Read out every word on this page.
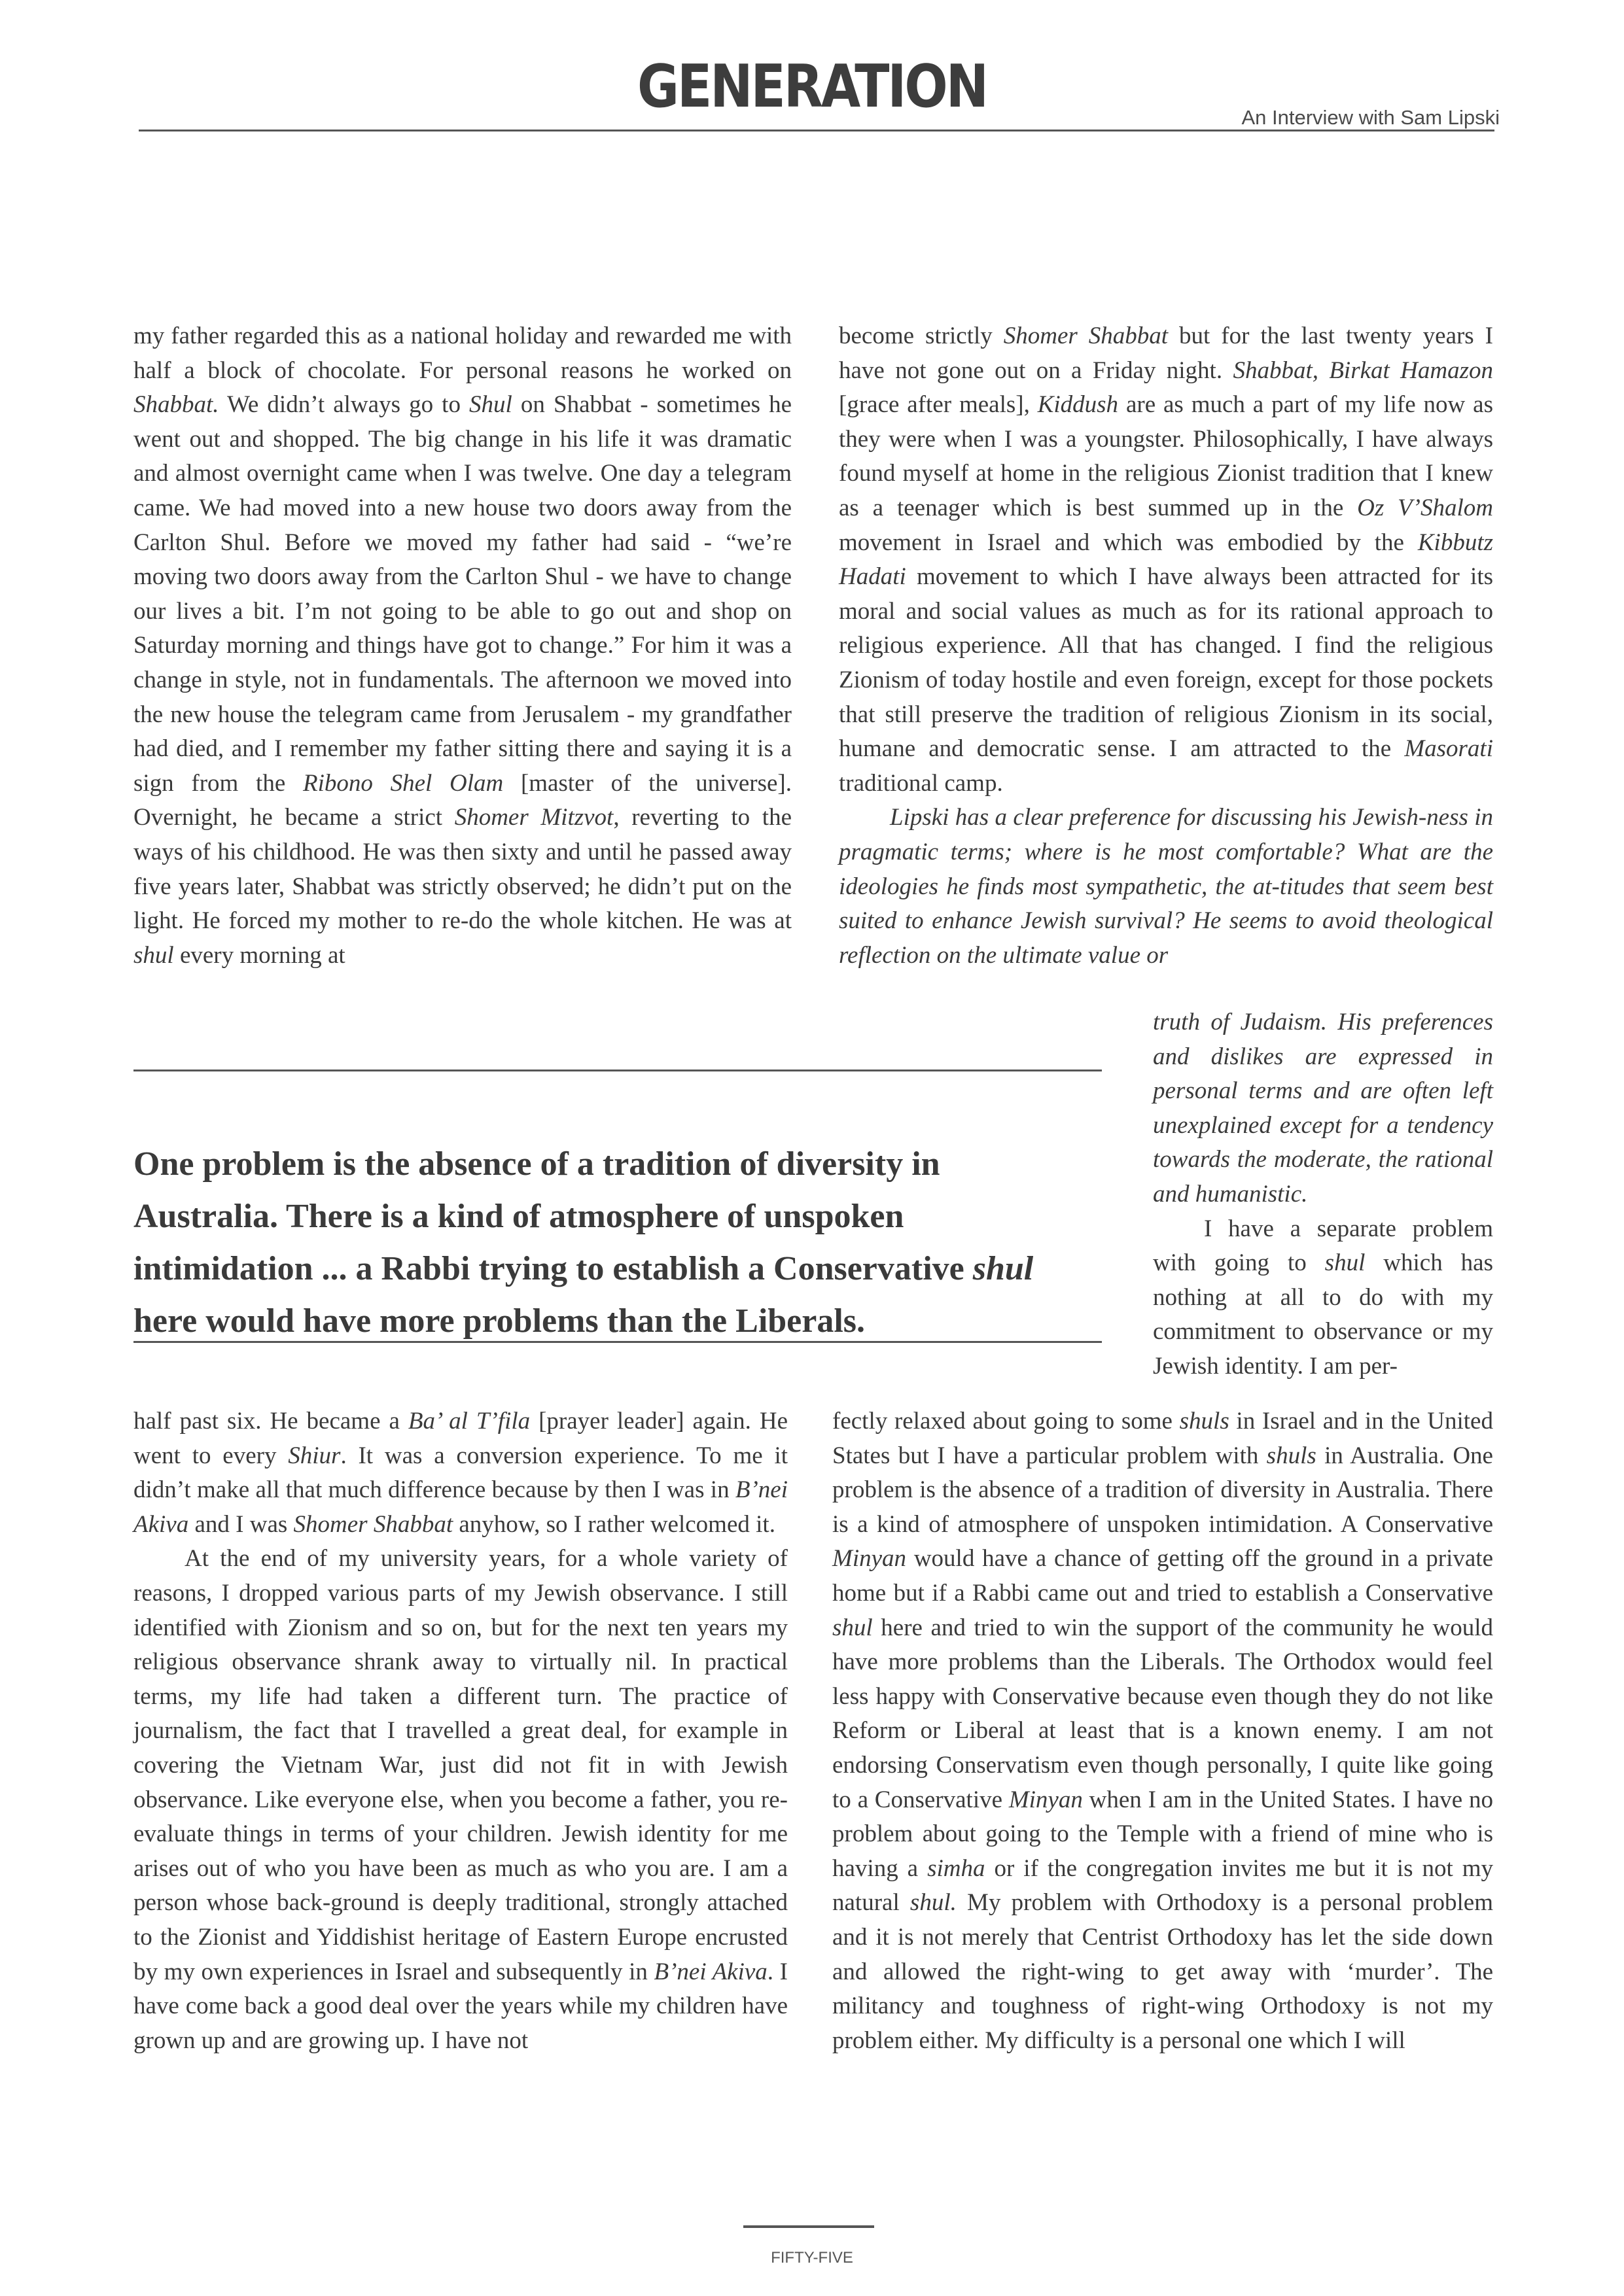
GENERATION	An Interview with Sam Lipski

my father regarded this as a national holiday and rewarded me with half a block of chocolate. For personal reasons he worked on Shabbat. We didn’t always go to Shul on Shabbat - sometimes he went out and shopped. The big change in his life it was dramatic and almost overnight came when I was twelve. One day a telegram came. We had moved into a new house two doors away from the Carlton Shul. Before we moved my father had said - “we’re moving two doors away from the Carlton Shul - we have to change our lives a bit. I’m not going to be able to go out and shop on Saturday morning and things have got to change.” For him it was a change in style, not in fundamentals. The afternoon we moved into the new house the telegram came from Jerusalem - my grandfather had died, and I remember my father sitting there and saying it is a sign from the Ribono Shel Olam [master of the universe]. Overnight, he became a strict Shomer Mitzvot, reverting to the ways of his childhood. He was then sixty and until he passed away five years later, Shabbat was strictly observed; he didn’t put on the light. He forced my mother to re-do the whole kitchen. He was at shul every morning at

become strictly Shomer Shabbat but for the last twenty years I have not gone out on a Friday night. Shabbat, Birkat Hamazon [grace after meals], Kiddush are as much a part of my life now as they were when I was a youngster. Philosophically, I have always found myself at home in the religious Zionist tradition that I knew as a teenager which is best summed up in the Oz V’Shalom movement in Israel and which was embodied by the Kibbutz Hadati movement to which I have always been attracted for its moral and social values as much as for its rational approach to religious experience. All that has changed. I find the religious Zionism of today hostile and even foreign, except for those pockets that still preserve the tradition of religious Zionism in its social, humane and democratic sense. I am attracted to the Masorati traditional camp.

Lipski has a clear preference for discussing his Jewish-ness in pragmatic terms; where is he most comfortable? What are the ideologies he finds most sympathetic, the at-titudes that seem best suited to enhance Jewish survival? He seems to avoid theological reflection on the ultimate value or

truth of Judaism. His preferences and dislikes are expressed in personal terms and are often left unexplained except for a tendency towards the moderate, the rational and humanistic.

I have a separate problem with going to shul which has nothing at all to do with my commitment to observance or my Jewish identity. I am per-

One problem is the absence of a tradition of diversity in
Australia. There is a kind of atmosphere of unspoken
intimidation ... a Rabbi trying to establish a Conservative shul
here would have more problems than the Liberals.

half past six. He became a Ba’ al T’fila [prayer leader] again. He went to every Shiur. It was a conversion experience. To me it didn’t make all that much difference because by then I was in B’nei Akiva and I was Shomer Shabbat anyhow, so I rather welcomed it.

At the end of my university years, for a whole variety of reasons, I dropped various parts of my Jewish observance. I still identified with Zionism and so on, but for the next ten years my religious observance shrank away to virtually nil. In practical terms, my life had taken a different turn. The practice of journalism, the fact that I travelled a great deal, for example in covering the Vietnam War, just did not fit in with Jewish observance. Like everyone else, when you become a father, you re-evaluate things in terms of your children. Jewish identity for me arises out of who you have been as much as who you are. I am a person whose back-ground is deeply traditional, strongly attached to the Zionist and Yiddishist heritage of Eastern Europe encrusted by my own experiences in Israel and subsequently in B’nei Akiva. I have come back a good deal over the years while my children have grown up and are growing up. I have not

fectly relaxed about going to some shuls in Israel and in the United States but I have a particular problem with shuls in Australia. One problem is the absence of a tradition of diversity in Australia. There is a kind of atmosphere of unspoken intimidation. A Conservative Minyan would have a chance of getting off the ground in a private home but if a Rabbi came out and tried to establish a Conservative shul here and tried to win the support of the community he would have more problems than the Liberals. The Orthodox would feel less happy with Conservative because even though they do not like Reform or Liberal at least that is a known enemy. I am not endorsing Conservatism even though personally, I quite like going to a Conservative Minyan when I am in the United States. I have no problem about going to the Temple with a friend of mine who is having a simha or if the congregation invites me but it is not my natural shul. My problem with Orthodoxy is a personal problem and it is not merely that Centrist Orthodoxy has let the side down and allowed the right-wing to get away with ‘murder’. The militancy and toughness of right-wing Orthodoxy is not my problem either. My difficulty is a personal one which I will

FIFTY-FIVE
